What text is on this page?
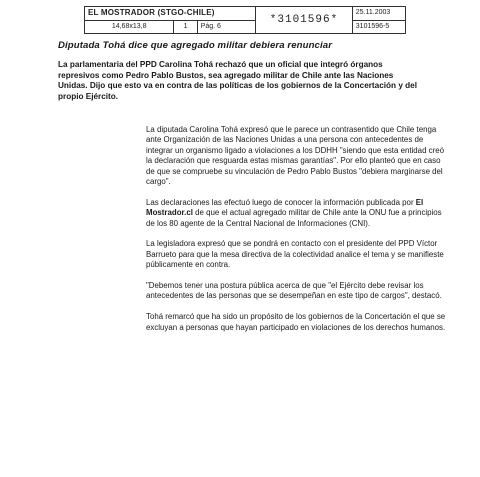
EL MOSTRADOR (STGO-CHILE)			*3101596*	25.11.2003
14,68x13,8	1	Pág. 6		3101596-5
Diputada Tohá dice que agregado militar debiera renunciar
La parlamentaria del PPD Carolina Tohá rechazó que un oficial que integró órganos represivos como Pedro Pablo Bustos, sea agregado militar de Chile ante las Naciones Unidas. Dijo que esto va en contra de las políticas de los gobiernos de la Concertación y del propio Ejército.

La diputada Carolina Tohá expresó que le parece un contrasentido que Chile tenga ante Organización de las Naciones Unidas a una persona con antecedentes de integrar un organismo ligado a violaciones a los DDHH "siendo que esta entidad creó la declaración que resguarda estas mismas garantías". Por ello planteó que en caso de que se compruebe su vinculación de Pedro Pablo Bustos "debiera marginarse del cargo".

Las declaraciones las efectuó luego de conocer la información publicada por El Mostrador.cl de que el actual agregado militar de Chile ante la ONU fue a principios de los 80 agente de la Central Nacional de Informaciones (CNI).

La legisladora expresó que se pondrá en contacto con el presidente del PPD Víctor Barrueto para que la mesa directiva de la colectividad analice el tema y se manifieste públicamente en contra.

"Debemos tener una postura pública acerca de que "el Ejército debe revisar los antecedentes de las personas que se desempeñan en este tipo de cargos", destacó.

Tohá remarcó que ha sido un propósito de los gobiernos de la Concertación el que se excluyan a personas que hayan participado en violaciones de los derechos humanos.
